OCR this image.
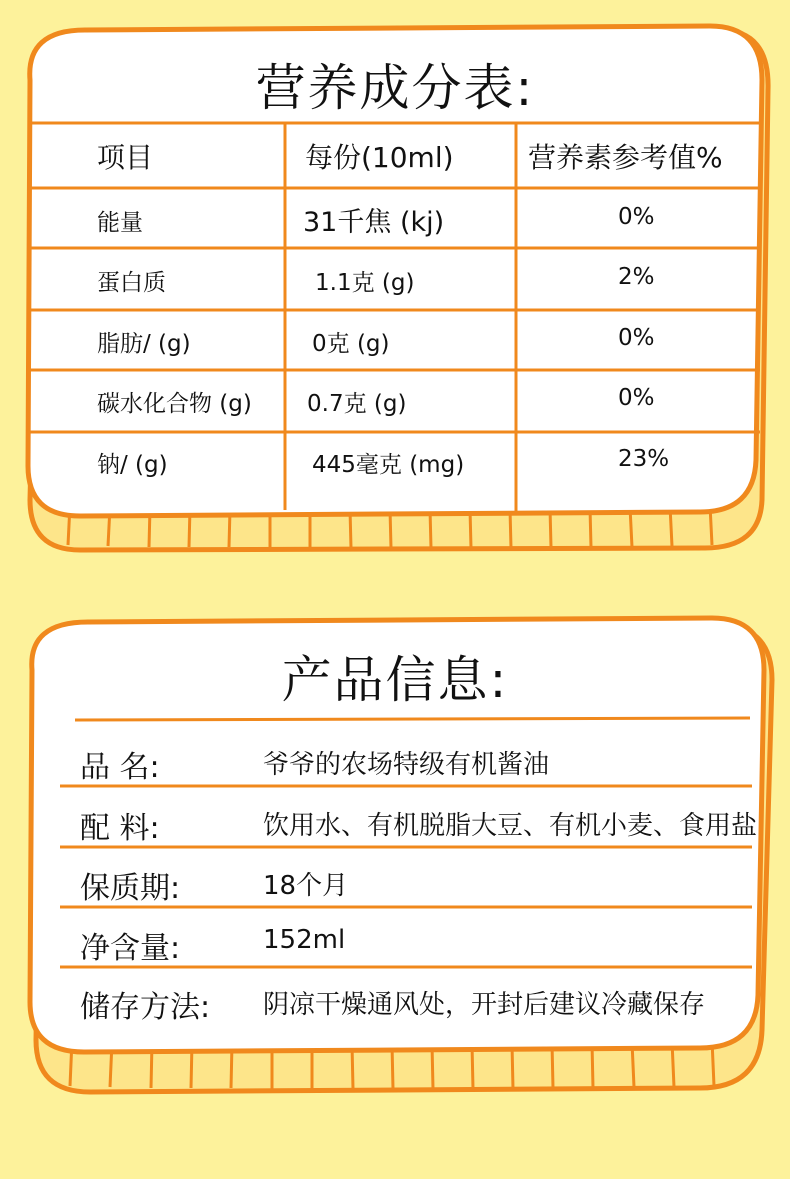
营养成分表:
项目	每份(10ml)	营养素参考值%
能量	31千焦 (kj)	0%
蛋白质	1.1克 (g)	2%
脂肪/ (g)	0克 (g)	0%
碳水化合物 (g) 0.7克 (g)	0%
钠/ (g)	445毫克 (mg)	23%
产品信息:
品 名:	爷爷的农场特级有机酱油
配 料:	饮用水、有机脱脂大豆、有机小麦、食用盐
保质期:	18个月
净含量:	152ml
储存方法: 阴凉干燥通风处，开封后建议冷藏保存
